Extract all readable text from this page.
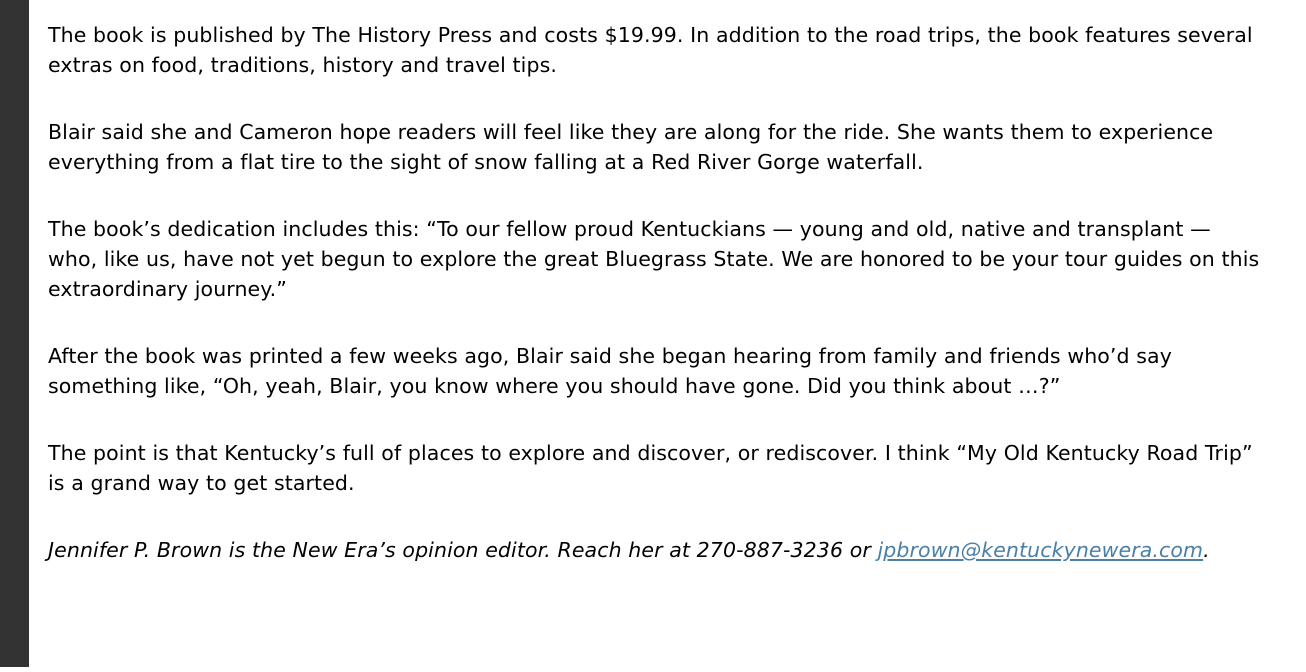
The book is published by The History Press and costs $19.99. In addition to the road trips, the book features several extras on food, traditions, history and travel tips.

Blair said she and Cameron hope readers will feel like they are along for the ride. She wants them to experience everything from a flat tire to the sight of snow falling at a Red River Gorge waterfall.

The book’s dedication includes this: “To our fellow proud Kentuckians — young and old, native and transplant — who, like us, have not yet begun to explore the great Bluegrass State. We are honored to be your tour guides on this extraordinary journey.”

After the book was printed a few weeks ago, Blair said she began hearing from family and friends who’d say something like, “Oh, yeah, Blair, you know where you should have gone. Did you think about …?”

The point is that Kentucky’s full of places to explore and discover, or rediscover. I think “My Old Kentucky Road Trip” is a grand way to get started.

Jennifer P. Brown is the New Era’s opinion editor. Reach her at 270-887-3236 or jpbrown@kentuckynewera.com.
